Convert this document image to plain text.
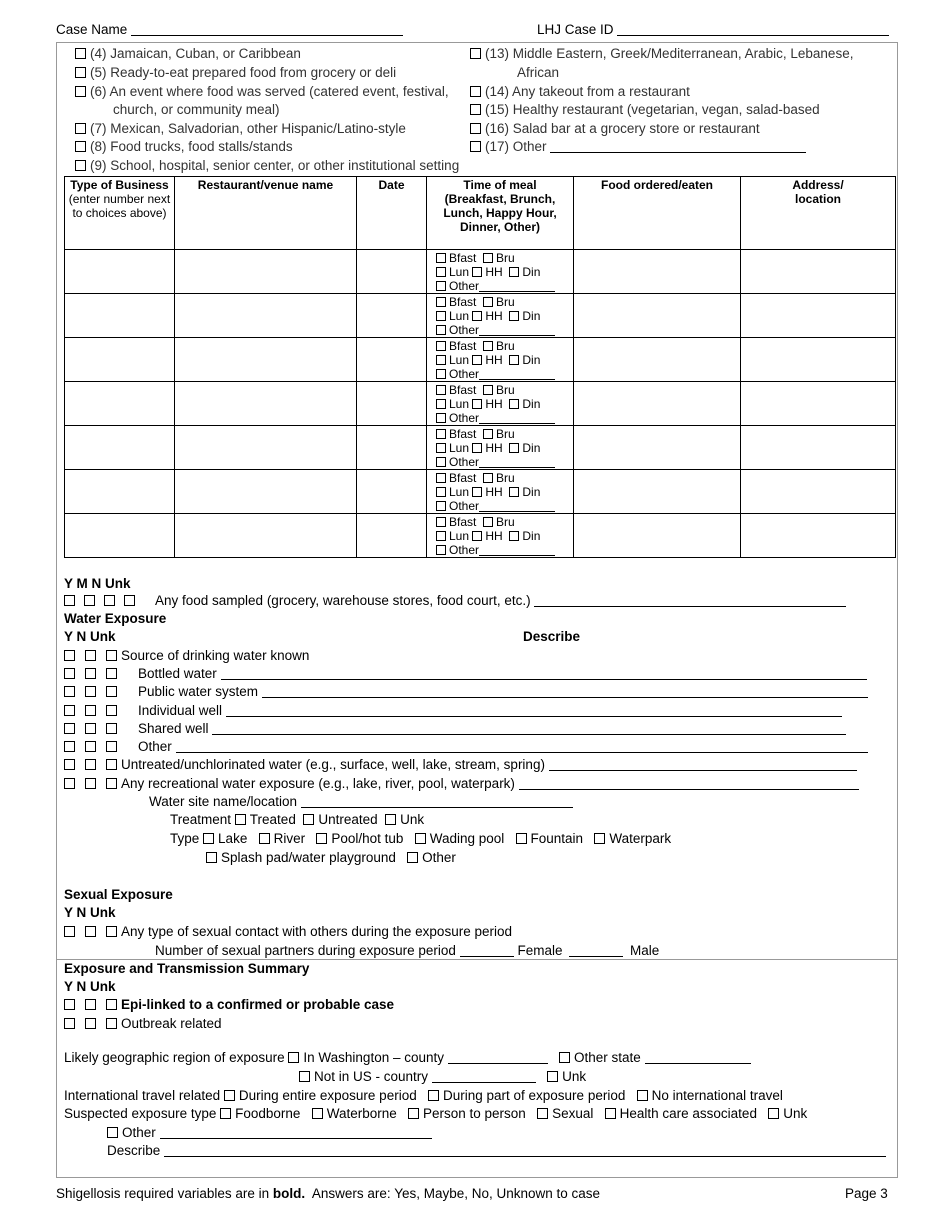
Case Name	LHJ Case ID
(4) Jamaican, Cuban, or Caribbean
(5) Ready-to-eat prepared food from grocery or deli
(6) An event where food was served (catered event, festival,
church, or community meal)
(7) Mexican, Salvadorian, other Hispanic/Latino-style
(8) Food trucks, food stalls/stands
(9) School, hospital, senior center, or other institutional setting
(13) Middle Eastern, Greek/Mediterranean, Arabic, Lebanese,
African
(14) Any takeout from a restaurant
(15) Healthy restaurant (vegetarian, vegan, salad-based
(16) Salad bar at a grocery store or restaurant
(17) Other
Type of Business
(enter number next to choices above)	Restaurant/venue name	Date	Time of meal (Breakfast, Brunch, Lunch, Happy Hour, Dinner, Other)	Food ordered/eaten	Address/ location

			Bfast Bru
Lun HH Din
Other		

			Bfast Bru
Lun HH Din
Other		

			Bfast Bru
Lun HH Din
Other		

			Bfast Bru
Lun HH Din
Other		

			Bfast Bru
Lun HH Din
Other		

			Bfast Bru
Lun HH Din
Other		

			Bfast Bru
Lun HH Din
Other		

Y M N Unk
Any food sampled (grocery, warehouse stores, food court, etc.)
Water Exposure
Y N Unk	Describe
Source of drinking water known
Bottled water
Public water system
Individual well
Shared well
Other
Untreated/unchlorinated water (e.g., surface, well, lake, stream, spring)
Any recreational water exposure (e.g., lake, river, pool, waterpark)
Water site name/location
Treatment Treated Untreated Unk
Type Lake River Pool/hot tub Wading pool Fountain Waterpark
Splash pad/water playground Other
Sexual Exposure
Y N Unk
Any type of sexual contact with others during the exposure period
Number of sexual partners during exposure period	Female	Male
Exposure and Transmission Summary
Y N Unk
Epi-linked to a confirmed or probable case
Outbreak related
Likely geographic region of exposure In Washington – county	Other state
Not in US - country	Unk
International travel related During entire exposure period During part of exposure period No international travel
Suspected exposure type Foodborne Waterborne Person to person Sexual Health care associated Unk
Other
Describe
Shigellosis required variables are in bold. Answers are: Yes, Maybe, No, Unknown to case	Page 3
